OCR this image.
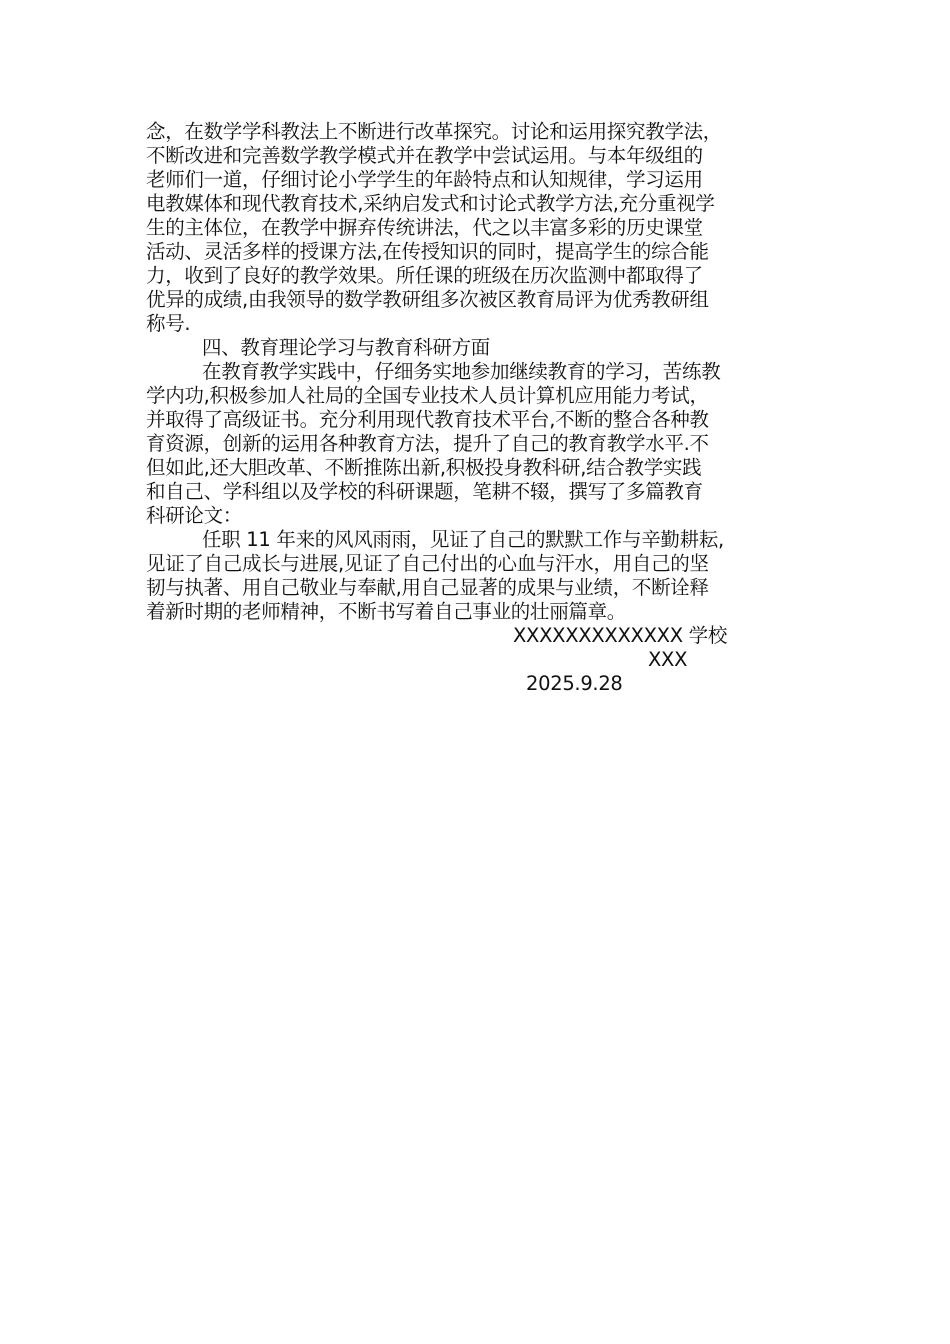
念，在数学学科教法上不断进行改革探究。讨论和运用探究教学法，
不断改进和完善数学教学模式并在教学中尝试运用。与本年级组的
老师们一道，仔细讨论小学学生的年龄特点和认知规律，学习运用
电教媒体和现代教育技术,采纳启发式和讨论式教学方法,充分重视学
生的主体位，在教学中摒弃传统讲法，代之以丰富多彩的历史课堂
活动、灵活多样的授课方法,在传授知识的同时，提高学生的综合能
力，收到了良好的教学效果。所任课的班级在历次监测中都取得了
优异的成绩,由我领导的数学教研组多次被区教育局评为优秀教研组
称号.
四、教育理论学习与教育科研方面
在教育教学实践中，仔细务实地参加继续教育的学习，苦练教
学内功,积极参加人社局的全国专业技术人员计算机应用能力考试，
并取得了高级证书。充分利用现代教育技术平台,不断的整合各种教
育资源，创新的运用各种教育方法，提升了自己的教育教学水平.不
但如此,还大胆改革、不断推陈出新,积极投身教科研,结合教学实践
和自己、学科组以及学校的科研课题，笔耕不辍，撰写了多篇教育
科研论文：
任职 11 年来的风风雨雨，见证了自己的默默工作与辛勤耕耘,
见证了自己成长与进展,见证了自己付出的心血与汗水，用自己的坚
韧与执著、用自己敬业与奉献,用自己显著的成果与业绩，不断诠释
着新时期的老师精神，不断书写着自己事业的壮丽篇章。
XXXXXXXXXXXXX 学校
XXX
2025.9.28
